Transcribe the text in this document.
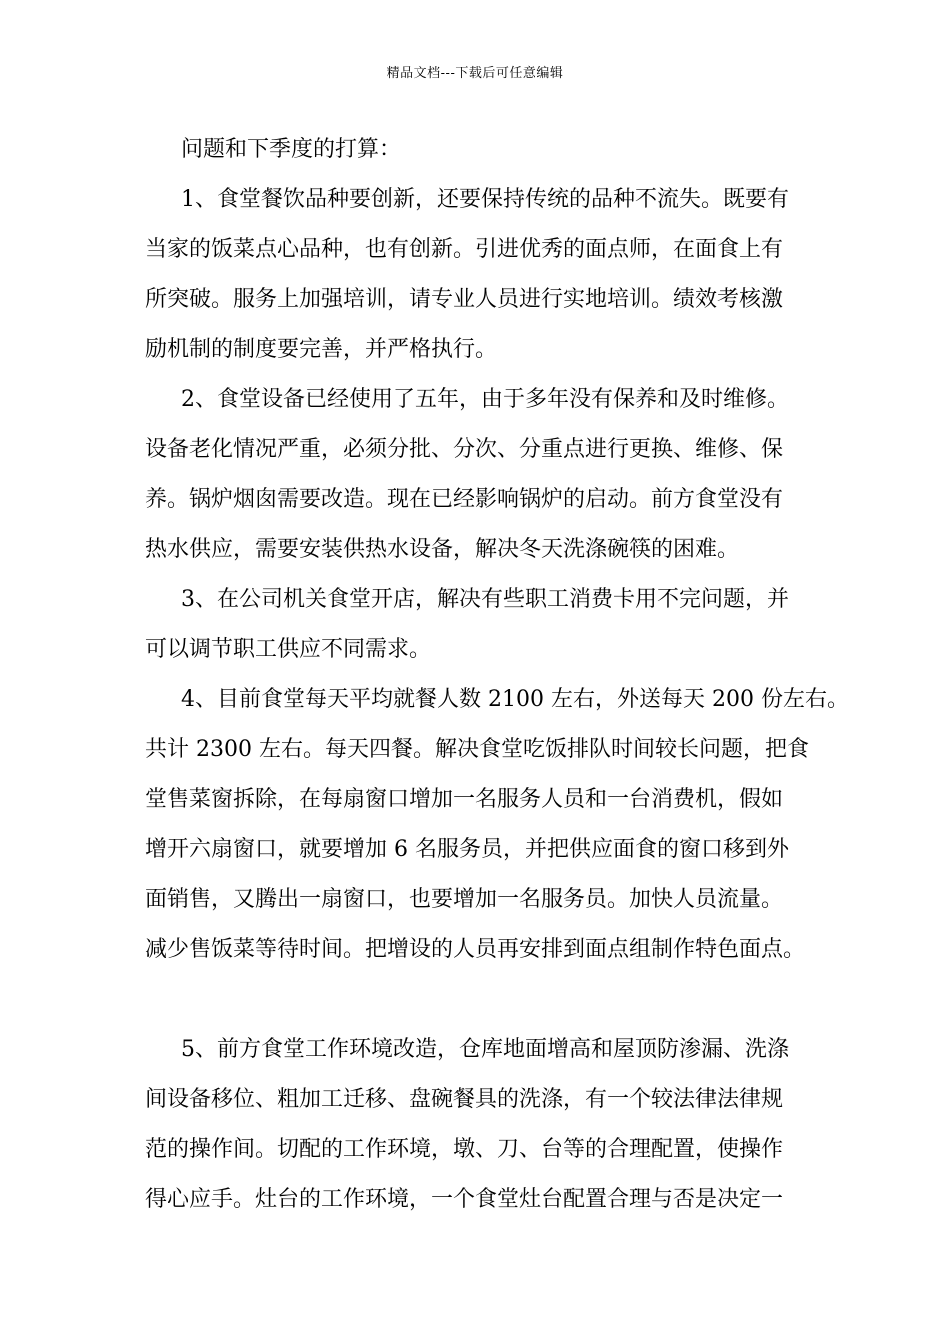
精品文档---下载后可任意编辑
问题和下季度的打算：
1、食堂餐饮品种要创新，还要保持传统的品种不流失。既要有
当家的饭菜点心品种，也有创新。引进优秀的面点师，在面食上有
所突破。服务上加强培训，请专业人员进行实地培训。绩效考核激
励机制的制度要完善，并严格执行。
2、食堂设备已经使用了五年，由于多年没有保养和及时维修。
设备老化情况严重，必须分批、分次、分重点进行更换、维修、保
养。锅炉烟囱需要改造。现在已经影响锅炉的启动。前方食堂没有
热水供应，需要安装供热水设备，解决冬天洗涤碗筷的困难。
3、在公司机关食堂开店，解决有些职工消费卡用不完问题，并
可以调节职工供应不同需求。
4、目前食堂每天平均就餐人数 2100 左右，外送每天 200 份左右。
共计 2300 左右。每天四餐。解决食堂吃饭排队时间较长问题，把食
堂售菜窗拆除，在每扇窗口增加一名服务人员和一台消费机，假如
增开六扇窗口，就要增加 6 名服务员，并把供应面食的窗口移到外
面销售，又腾出一扇窗口，也要增加一名服务员。加快人员流量。
减少售饭菜等待时间。把增设的人员再安排到面点组制作特色面点。
5、前方食堂工作环境改造，仓库地面增高和屋顶防渗漏、洗涤
间设备移位、粗加工迁移、盘碗餐具的洗涤，有一个较法律法律规
范的操作间。切配的工作环境，墩、刀、台等的合理配置，使操作
得心应手。灶台的工作环境，一个食堂灶台配置合理与否是决定一
